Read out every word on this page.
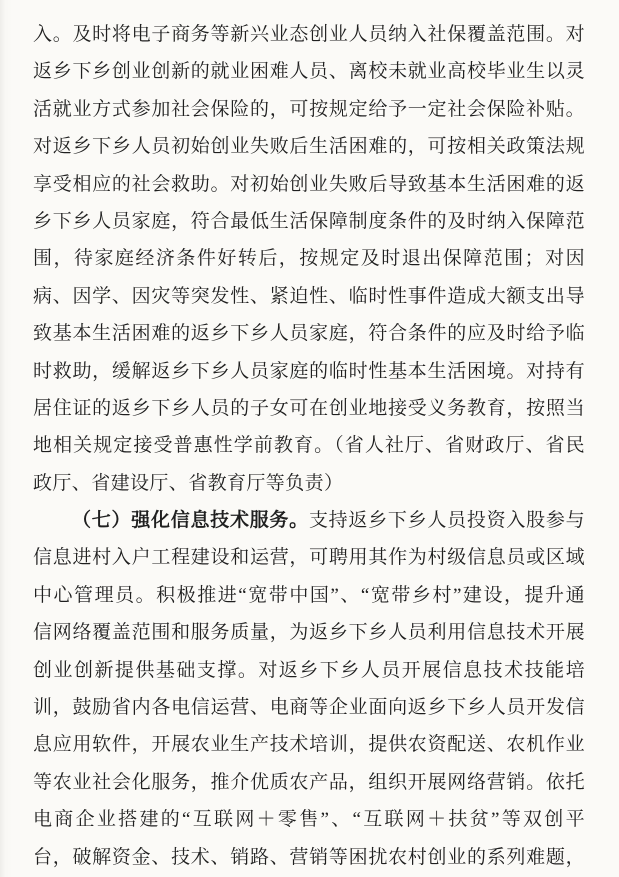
入。及时将电子商务等新兴业态创业人员纳入社保覆盖范围。对
返乡下乡创业创新的就业困难人员、离校未就业高校毕业生以灵
活就业方式参加社会保险的，可按规定给予一定社会保险补贴。
对返乡下乡人员初始创业失败后生活困难的，可按相关政策法规
享受相应的社会救助。对初始创业失败后导致基本生活困难的返
乡下乡人员家庭，符合最低生活保障制度条件的及时纳入保障范
围，待家庭经济条件好转后，按规定及时退出保障范围；对因
病、因学、因灾等突发性、紧迫性、临时性事件造成大额支出导
致基本生活困难的返乡下乡人员家庭，符合条件的应及时给予临
时救助，缓解返乡下乡人员家庭的临时性基本生活困境。对持有
居住证的返乡下乡人员的子女可在创业地接受义务教育，按照当
地相关规定接受普惠性学前教育。（省人社厅、省财政厅、省民
政厅、省建设厅、省教育厅等负责）
（七）强化信息技术服务。支持返乡下乡人员投资入股参与
信息进村入户工程建设和运营，可聘用其作为村级信息员或区域
中心管理员。积极推进“宽带中国”、“宽带乡村”建设，提升通
信网络覆盖范围和服务质量，为返乡下乡人员利用信息技术开展
创业创新提供基础支撑。对返乡下乡人员开展信息技术技能培
训，鼓励省内各电信运营、电商等企业面向返乡下乡人员开发信
息应用软件，开展农业生产技术培训，提供农资配送、农机作业
等农业社会化服务，推介优质农产品，组织开展网络营销。依托
电商企业搭建的“互联网＋零售”、“互联网＋扶贫”等双创平
台，破解资金、技术、销路、营销等困扰农村创业的系列难题，
